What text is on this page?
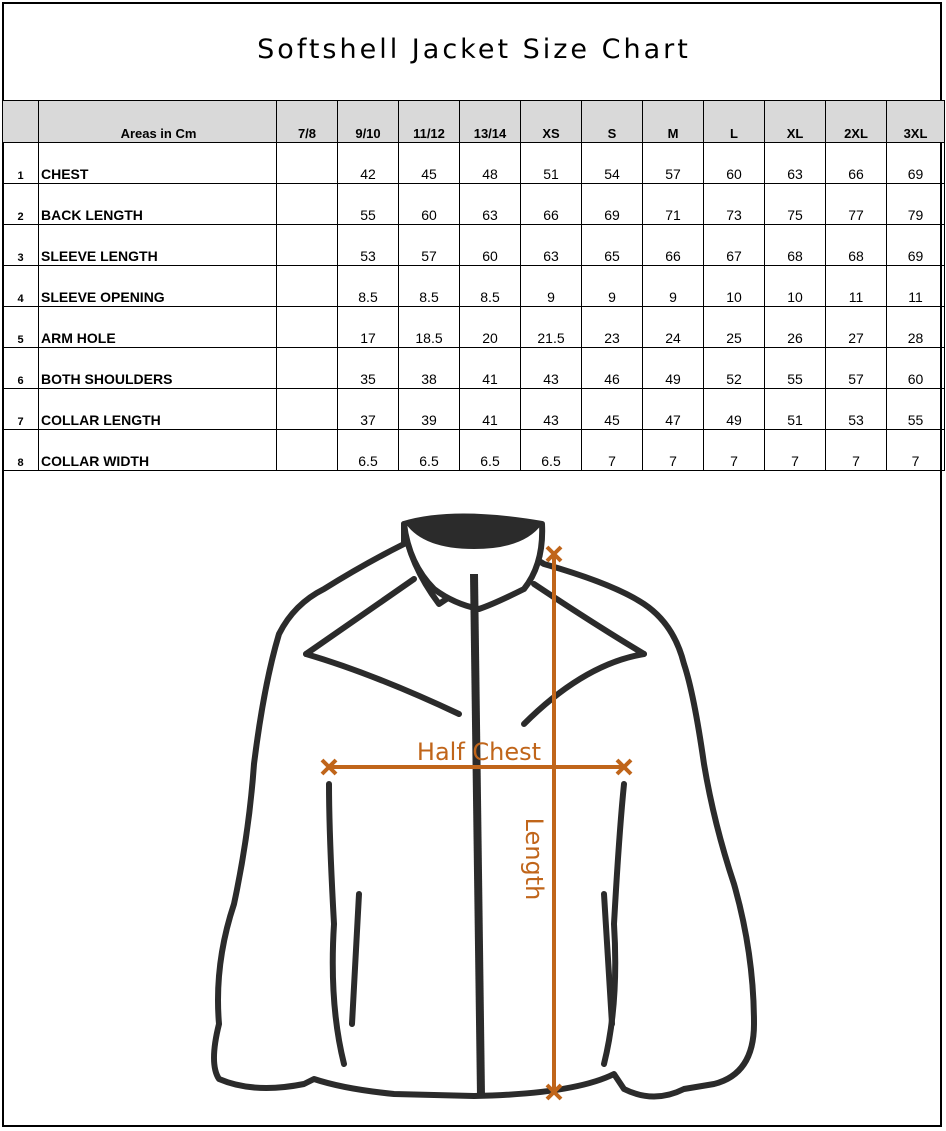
Softshell Jacket Size Chart
	Areas in Cm	7/8	9/10	11/12	13/14	XS	S	M	L	XL	2XL	3XL
1	CHEST		42	45	48	51	54	57	60	63	66	69
2	BACK LENGTH		55	60	63	66	69	71	73	75	77	79
3	SLEEVE LENGTH		53	57	60	63	65	66	67	68	68	69
4	SLEEVE OPENING		8.5	8.5	8.5	9	9	9	10	10	11	11
5	ARM HOLE		17	18.5	20	21.5	23	24	25	26	27	28
6	BOTH SHOULDERS		35	38	41	43	46	49	52	55	57	60
7	COLLAR LENGTH		37	39	41	43	45	47	49	51	53	55
8	COLLAR WIDTH		6.5	6.5	6.5	6.5	7	7	7	7	7	7
Half Chest
Length
